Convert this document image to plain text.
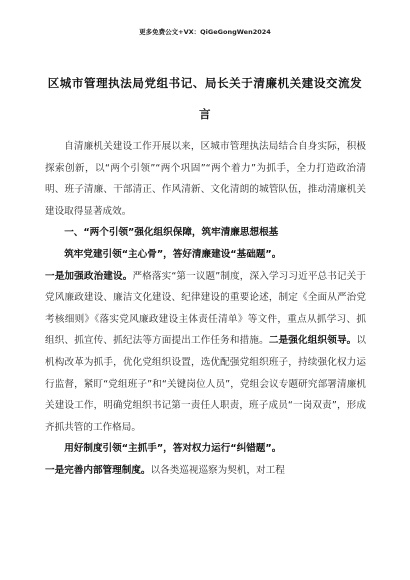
更多免费公文+VX：QiGeGongWen2024
区城市管理执法局党组书记、局长关于清廉机关建设交流发言

自清廉机关建设工作开展以来，区城市管理执法局结合自身实际，积极探索创新，以“两个引领”“两个巩固”“两个着力”为抓手，全力打造政治清明、班子清廉、干部清正、作风清新、文化清朗的城管队伍，推动清廉机关建设取得显著成效。

一、“两个引领”强化组织保障，筑牢清廉思想根基

筑牢党建引领“主心骨”，答好清廉建设“基础题”。

一是加强政治建设。严格落实“第一议题”制度，深入学习习近平总书记关于党风廉政建设、廉洁文化建设、纪律建设的重要论述，制定《全面从严治党考核细则》《落实党风廉政建设主体责任清单》等文件，重点从抓学习、抓组织、抓宣传、抓纪法等方面提出工作任务和措施。二是强化组织领导。以机构改革为抓手，优化党组织设置，选优配强党组织班子，持续强化权力运行监督，紧盯“党组班子”和“关键岗位人员”，党组会议专题研究部署清廉机关建设工作，明确党组织书记第一责任人职责，班子成员“一岗双责”，形成齐抓共管的工作格局。

用好制度引领“主抓手”，答对权力运行“纠错题”。

一是完善内部管理制度。以各类巡视巡察为契机，对工程
